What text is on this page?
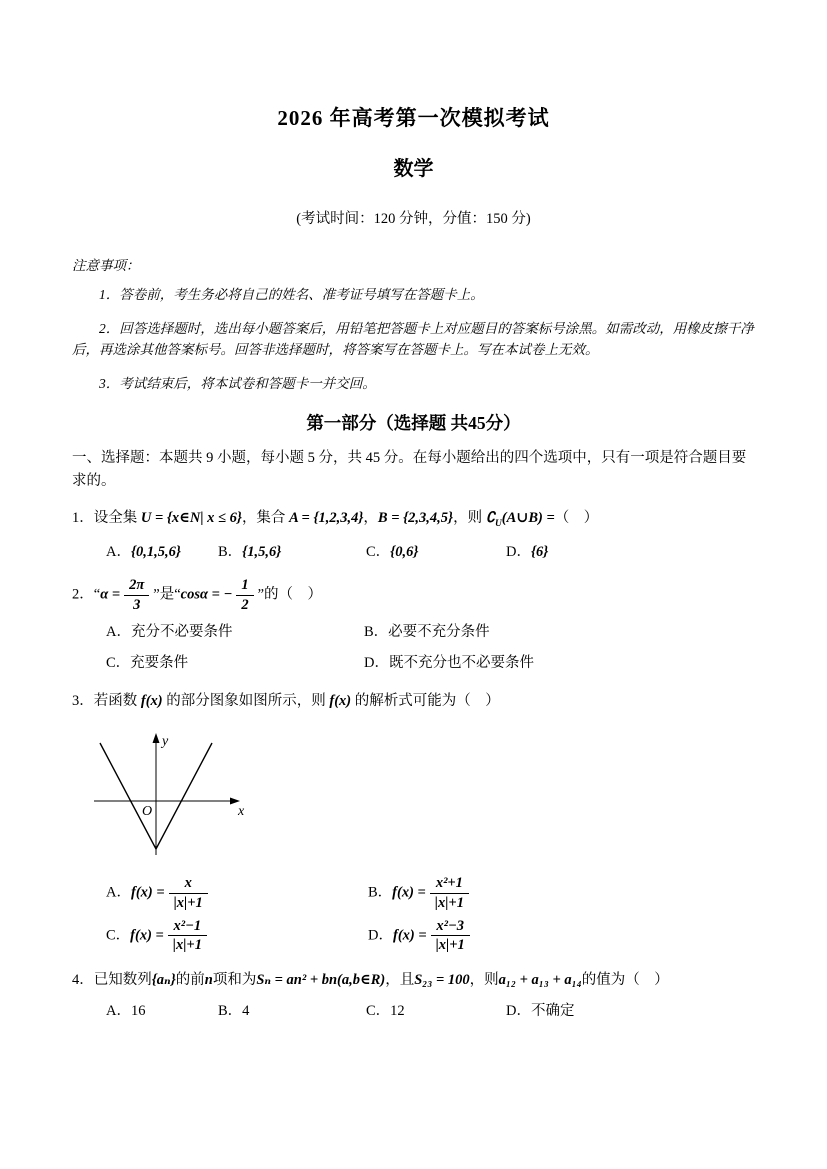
2026 年高考第一次模拟考试
数学
(考试时间：120 分钟，分值：150 分)
注意事项：

1．答卷前，考生务必将自己的姓名、准考证号填写在答题卡上。

2．回答选择题时，选出每小题答案后，用铅笔把答题卡上对应题目的答案标号涂黑。如需改动，用橡皮擦干净后，再选涂其他答案标号。回答非选择题时，将答案写在答题卡上。写在本试卷上无效。

3．考试结束后，将本试卷和答题卡一并交回。

第一部分（选择题 共45分）
一、选择题：本题共 9 小题，每小题 5 分，共 45 分。在每小题给出的四个选项中，只有一项是符合题目要求的。
1．设全集 U = {x∈N| x ≤ 6}，集合 A = {1,2,3,4}，B = {2,3,4,5}，则 $∁_U(A\cup B)$ =（　）
A．{0,1,5,6}	B．{1,5,6}	C．{0,6}	D．{6}
2．“$\alpha = \frac{2\pi}{3}$ ”是“cosα = − $\frac{1}{2}$ ”的（　）
A．充分不必要条件	B．必要不充分条件
C．充要条件	D．既不充分也不必要条件
3．若函数 f(x) 的部分图象如图所示，则 f(x) 的解析式可能为（　）
y
x
O
A．$f(x) = \frac{x}{|x|+1}$	B．$f(x) = \frac{\text{x²+1}}{|x|+1}$
C．$f(x) = \frac{\text{x²−1}}{|x|+1}$	D．$f(x) = \frac{\text{x²−3}}{|x|+1}$
4．已知数列{aₙ}的前n项和为Sₙ = an² + bn(a,b∈R)，且S₂₃ = 100，则a₁₂ + a₁₃ + a₁₄的值为（　）
A．16	B．4	C．12	D．不确定
